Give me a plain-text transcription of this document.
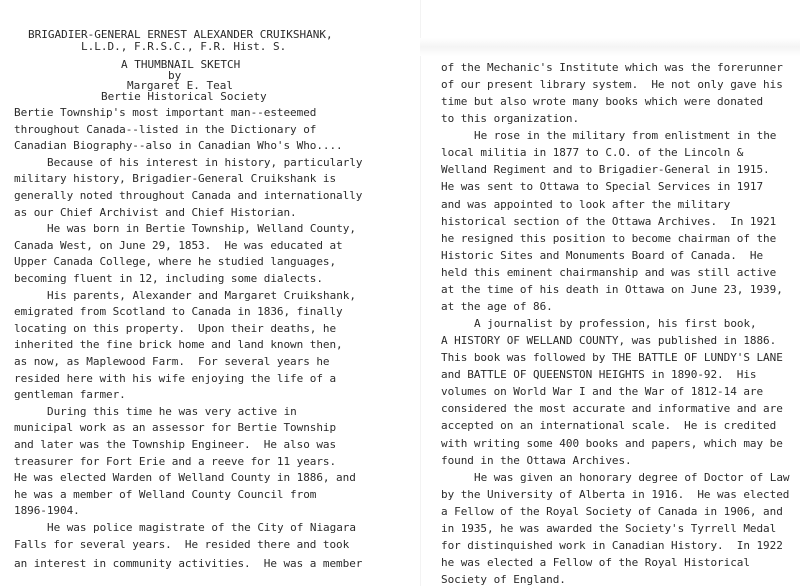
BRIGADIER-GENERAL ERNEST ALEXANDER CRUIKSHANK,
L.L.D., F.R.S.C., F.R. Hist. S.
A THUMBNAIL SKETCH
by
Margaret E. Teal
Bertie Historical Society
Bertie Township's most important man--esteemed
throughout Canada--listed in the Dictionary of
Canadian Biography--also in Canadian Who's Who....
Because of his interest in history, particularly
military history, Brigadier-General Cruikshank is
generally noted throughout Canada and internationally
as our Chief Archivist and Chief Historian.
He was born in Bertie Township, Welland County,
Canada West, on June 29, 1853.  He was educated at
Upper Canada College, where he studied languages,
becoming fluent in 12, including some dialects.
His parents, Alexander and Margaret Cruikshank,
emigrated from Scotland to Canada in 1836, finally
locating on this property.  Upon their deaths, he
inherited the fine brick home and land known then,
as now, as Maplewood Farm.  For several years he
resided here with his wife enjoying the life of a
gentleman farmer.
During this time he was very active in
municipal work as an assessor for Bertie Township
and later was the Township Engineer.  He also was
treasurer for Fort Erie and a reeve for 11 years.
He was elected Warden of Welland County in 1886, and
he was a member of Welland County Council from
1896-1904.
He was police magistrate of the City of Niagara
Falls for several years.  He resided there and took
an interest in community activities.  He was a member
of the Mechanic's Institute which was the forerunner
of our present library system.  He not only gave his
time but also wrote many books which were donated
to this organization.
He rose in the military from enlistment in the
local militia in 1877 to C.O. of the Lincoln &
Welland Regiment and to Brigadier-General in 1915.
He was sent to Ottawa to Special Services in 1917
and was appointed to look after the military
historical section of the Ottawa Archives.  In 1921
he resigned this position to become chairman of the
Historic Sites and Monuments Board of Canada.  He
held this eminent chairmanship and was still active
at the time of his death in Ottawa on June 23, 1939,
at the age of 86.
A journalist by profession, his first book,
A HISTORY OF WELLAND COUNTY, was published in 1886.
This book was followed by THE BATTLE OF LUNDY'S LANE
and BATTLE OF QUEENSTON HEIGHTS in 1890-92.  His
volumes on World War I and the War of 1812-14 are
considered the most accurate and informative and are
accepted on an international scale.  He is credited
with writing some 400 books and papers, which may be
found in the Ottawa Archives.
He was given an honorary degree of Doctor of Law
by the University of Alberta in 1916.  He was elected
a Fellow of the Royal Society of Canada in 1906, and
in 1935, he was awarded the Society's Tyrrell Medal
for distinquished work in Canadian History.  In 1922
he was elected a Fellow of the Royal Historical
Society of England.
